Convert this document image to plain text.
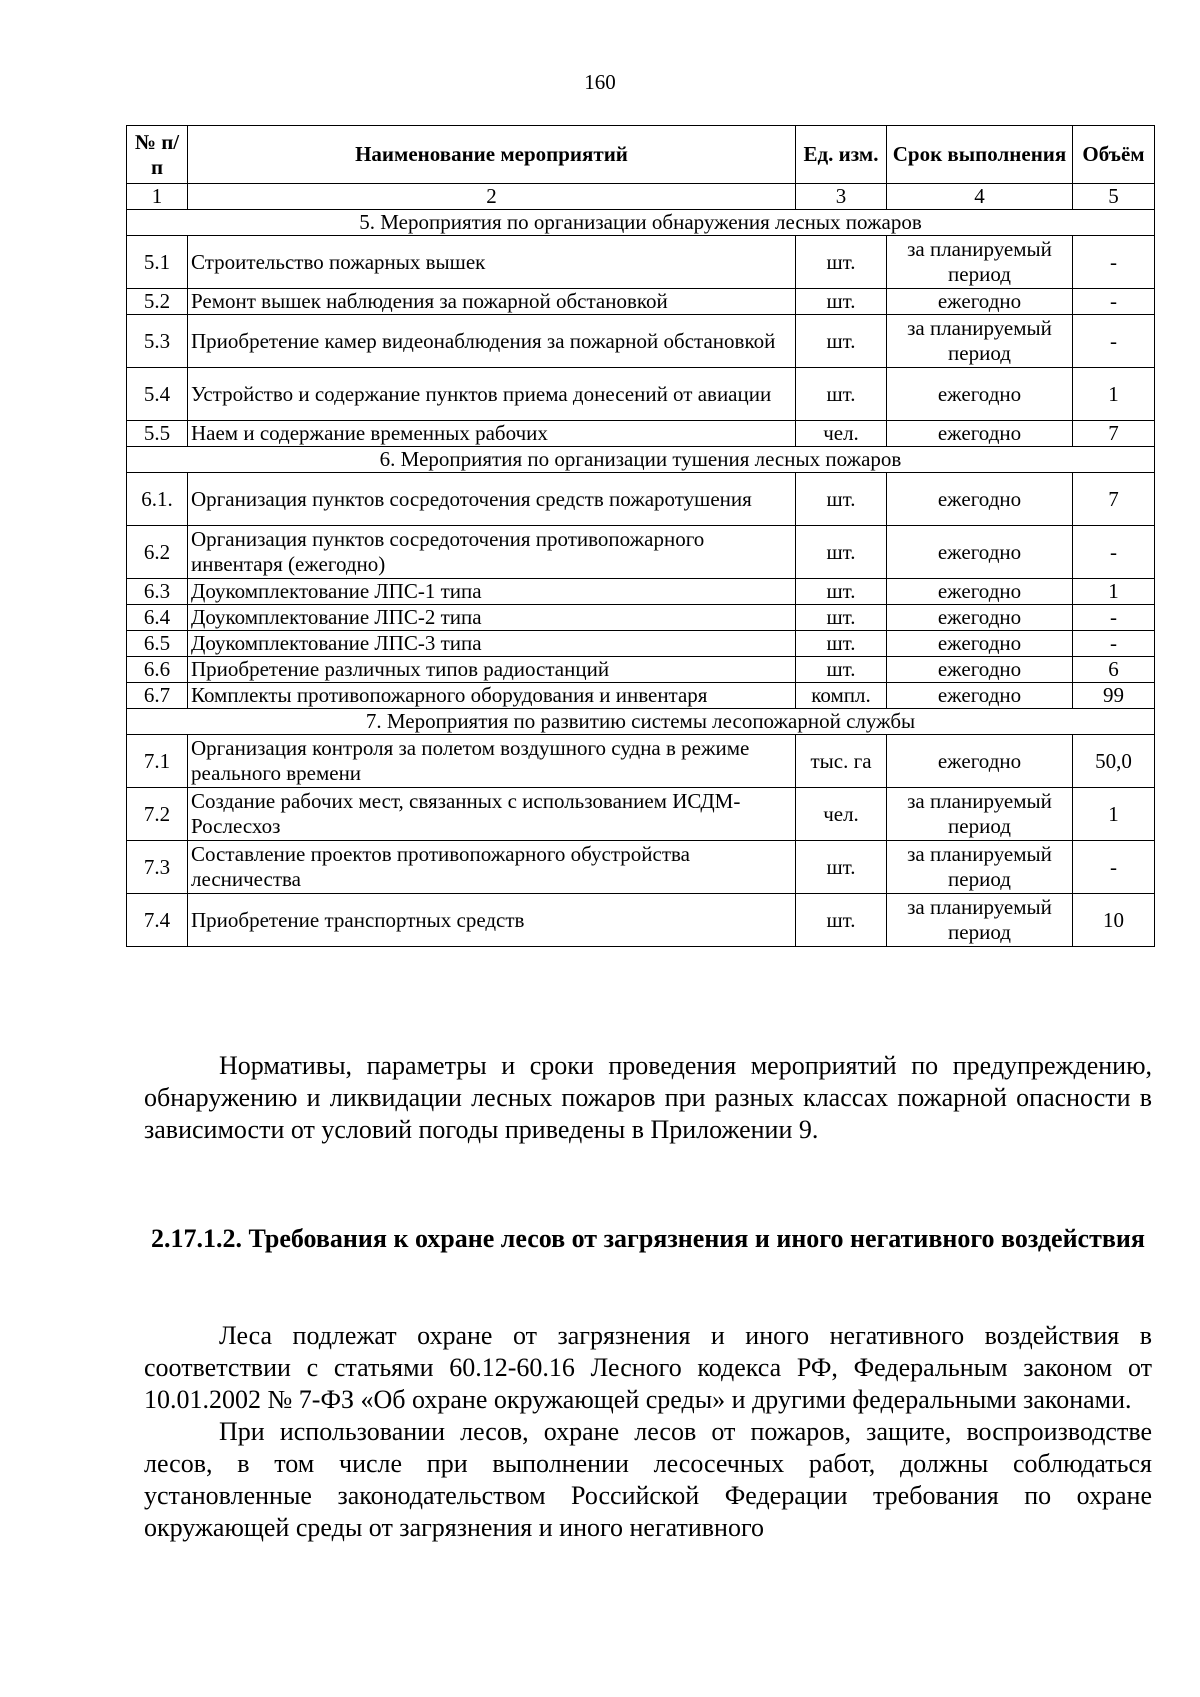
160
№ п/п	Наименование мероприятий	Ед. изм.	Срок выполнения	Объём
1	2	3	4	5
5. Мероприятия по организации обнаружения лесных пожаров				
5.1	Строительство пожарных вышек	шт.	за планируемый период	-
5.2	Ремонт вышек наблюдения за пожарной обстановкой	шт.	ежегодно	-
5.3	Приобретение камер видеонаблюдения за пожарной обстановкой	шт.	за планируемый период	-
5.4	Устройство и содержание пунктов приема донесений от авиации	шт.	ежегодно	1
5.5	Наем и содержание временных рабочих	чел.	ежегодно	7
6. Мероприятия по организации тушения лесных пожаров				
6.1.	Организация пунктов сосредоточения средств пожаротушения	шт.	ежегодно	7
6.2	Организация пунктов сосредоточения противопожарного инвентаря (ежегодно)	шт.	ежегодно	-
6.3	Доукомплектование ЛПС-1 типа	шт.	ежегодно	1
6.4	Доукомплектование ЛПС-2 типа	шт.	ежегодно	-
6.5	Доукомплектование ЛПС-3 типа	шт.	ежегодно	-
6.6	Приобретение различных типов радиостанций	шт.	ежегодно	6
6.7	Комплекты противопожарного оборудования и инвентаря	компл.	ежегодно	99
7. Мероприятия по развитию системы лесопожарной службы				
7.1	Организация контроля за полетом воздушного судна в режиме реального времени	тыс. га	ежегодно	50,0
7.2	Создание рабочих мест, связанных с использованием ИСДМ-Рослесхоз	чел.	за планируемый период	1
7.3	Составление проектов противопожарного обустройства лесничества	шт.	за планируемый период	-
7.4	Приобретение транспортных средств	шт.	за планируемый период	10

Нормативы, параметры и сроки проведения мероприятий по предупреждению, обнаружению и ликвидации лесных пожаров при разных классах пожарной опасности в зависимости от условий погоды приведены в Приложении 9.

2.17.1.2. Требования к охране лесов от загрязнения и иного негативного воздействия

Леса подлежат охране от загрязнения и иного негативного воздействия в соответствии с статьями 60.12-60.16 Лесного кодекса РФ, Федеральным законом от 10.01.2002 № 7-ФЗ «Об охране окружающей среды» и другими федеральными законами.

При использовании лесов, охране лесов от пожаров, защите, воспроизводстве лесов, в том числе при выполнении лесосечных работ, должны соблюдаться установленные законодательством Российской Федерации требования по охране окружающей среды от загрязнения и иного негативного
